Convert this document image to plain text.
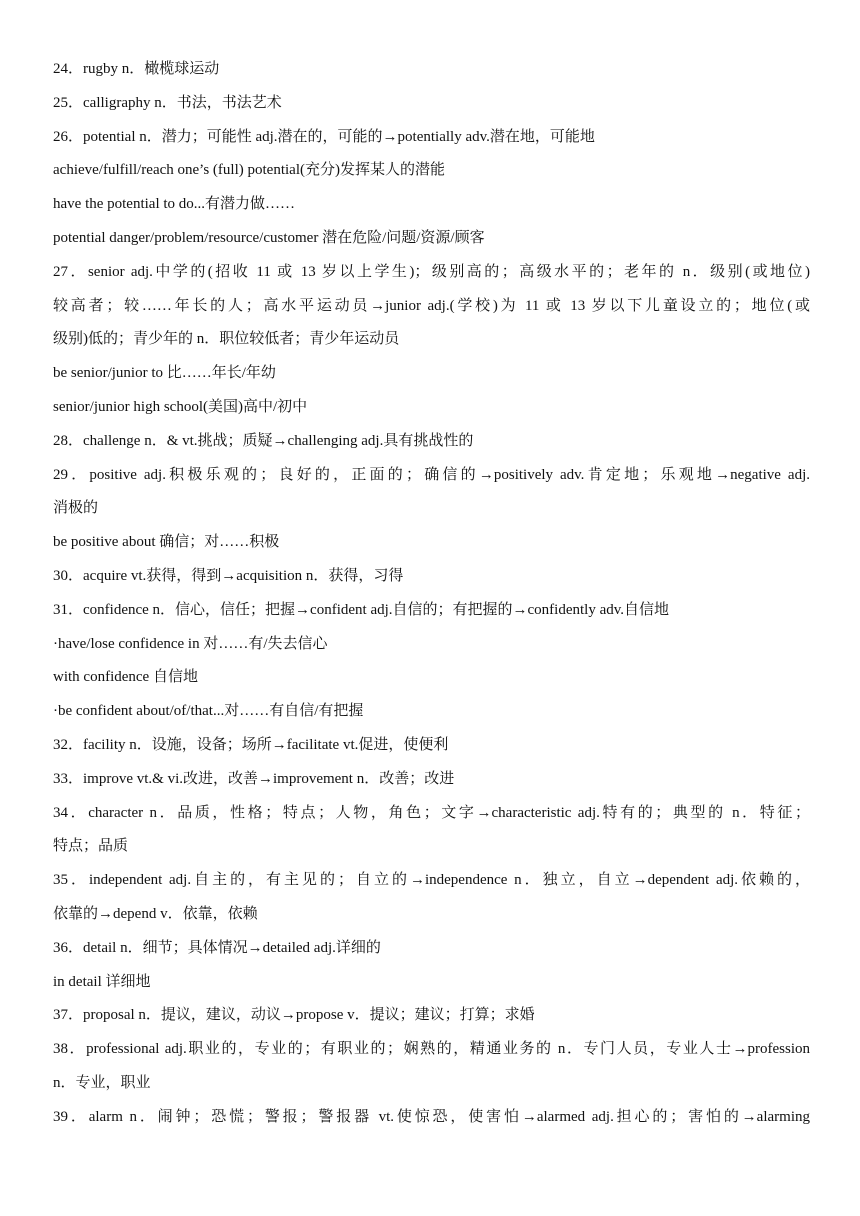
24．rugby n．橄榄球运动
25．calligraphy n．书法，书法艺术
26．potential n．潜力；可能性 adj.潜在的，可能的→potentially adv.潜在地，可能地
achieve/fulfill/reach one’s (full) potential(充分)发挥某人的潜能
have the potential to do...有潜力做……
potential danger/problem/resource/customer 潜在危险/问题/资源/顾客
27．senior adj.中学的(招收 11 或 13 岁以上学生)；级别高的；高级水平的；老年的 n．级别(或地位)
较高者；较……年长的人；高水平运动员→junior adj.(学校)为 11 或 13 岁以下儿童设立的；地位(或
级别)低的；青少年的 n．职位较低者；青少年运动员
be senior/junior to 比……年长/年幼
senior/junior high school(美国)高中/初中
28．challenge n．& vt.挑战；质疑→challenging adj.具有挑战性的
29．positive adj.积极乐观的；良好的，正面的；确信的→positively adv.肯定地；乐观地→negative adj.
消极的
be positive about 确信；对……积极
30．acquire vt.获得，得到→acquisition n．获得，习得
31．confidence n．信心，信任；把握→confident adj.自信的；有把握的→confidently adv.自信地
·have/lose confidence in 对……有/失去信心
with confidence 自信地
·be confident about/of/that...对……有自信/有把握
32．facility n．设施，设备；场所→facilitate vt.促进，使便利
33．improve vt.& vi.改进，改善→improvement n．改善；改进
34．character n．品质，性格；特点；人物，角色；文字→characteristic adj.特有的；典型的 n．特征；
特点；品质
35．independent adj.自主的，有主见的；自立的→independence n．独立，自立→dependent adj.依赖的，
依靠的→depend v．依靠，依赖
36．detail n．细节；具体情况→detailed adj.详细的
in detail 详细地
37．proposal n．提议，建议，动议→propose v．提议；建议；打算；求婚
38．professional adj.职业的，专业的；有职业的；娴熟的，精通业务的 n．专门人员，专业人士→profession
n．专业，职业
39．alarm n．闹钟；恐慌；警报；警报器 vt.使惊恐，使害怕→alarmed adj.担心的；害怕的→alarming
